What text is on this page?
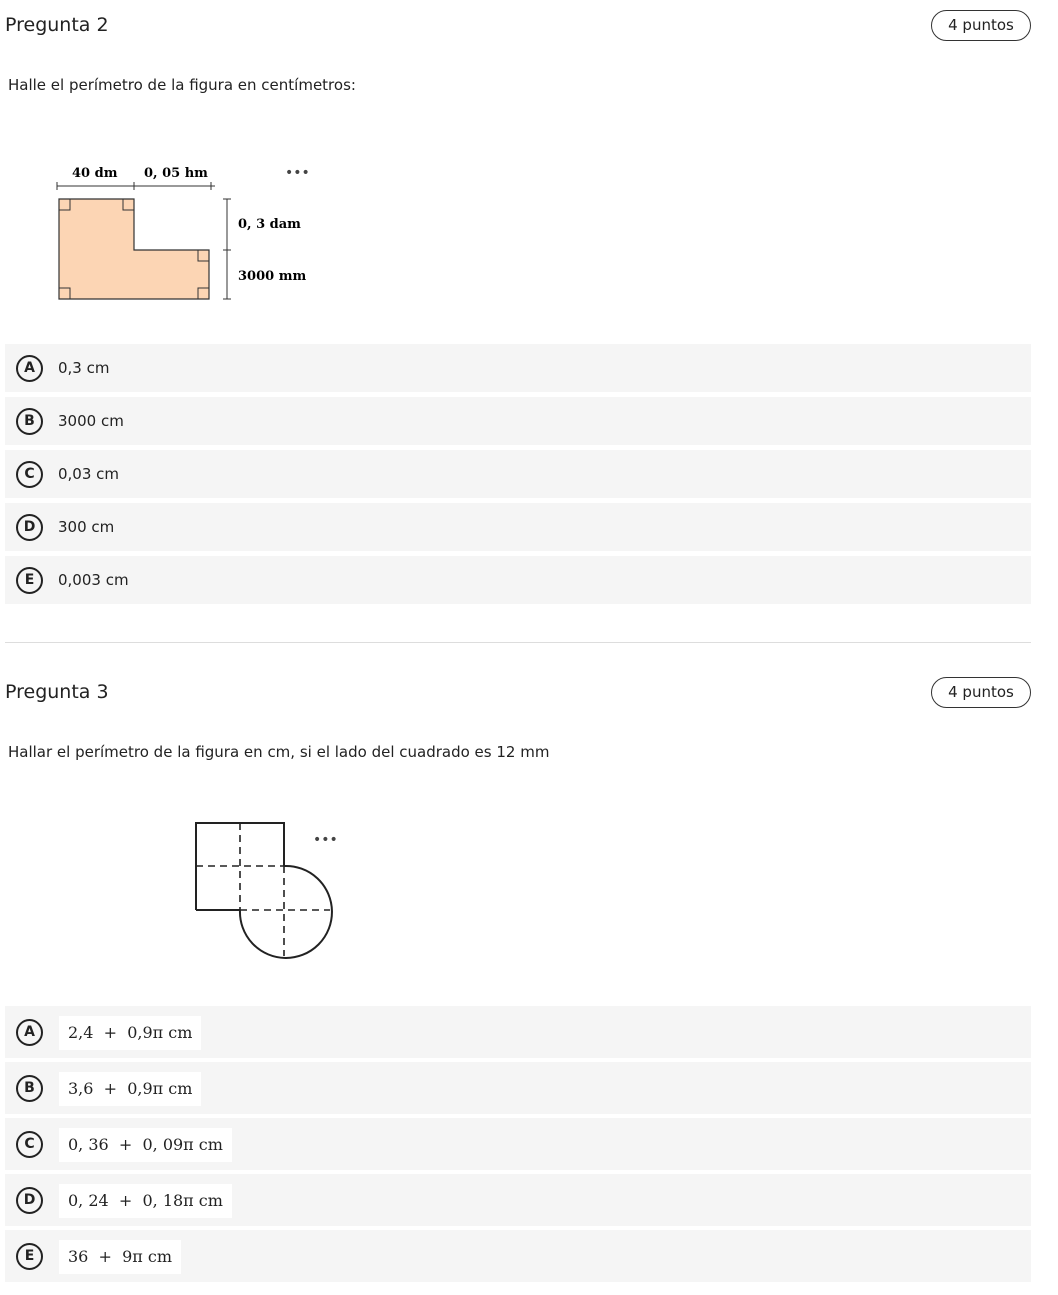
Pregunta 2	4 puntos
Halle el perímetro de la figura en centímetros:
40 dm 0, 05 hm
0, 3 dam
3000 mm
•••
A	0,3 cm
B	3000 cm
C	0,03 cm
D	300 cm
E	0,003 cm
Pregunta 3	4 puntos
Hallar el perímetro de la figura en cm, si el lado del cuadrado es 12 mm
•••
A	2,4  +  0,9π cm
B	3,6  +  0,9π cm
C	0, 36  +  0, 09π cm
D	0, 24  +  0, 18π cm
E	36  +  9π cm
